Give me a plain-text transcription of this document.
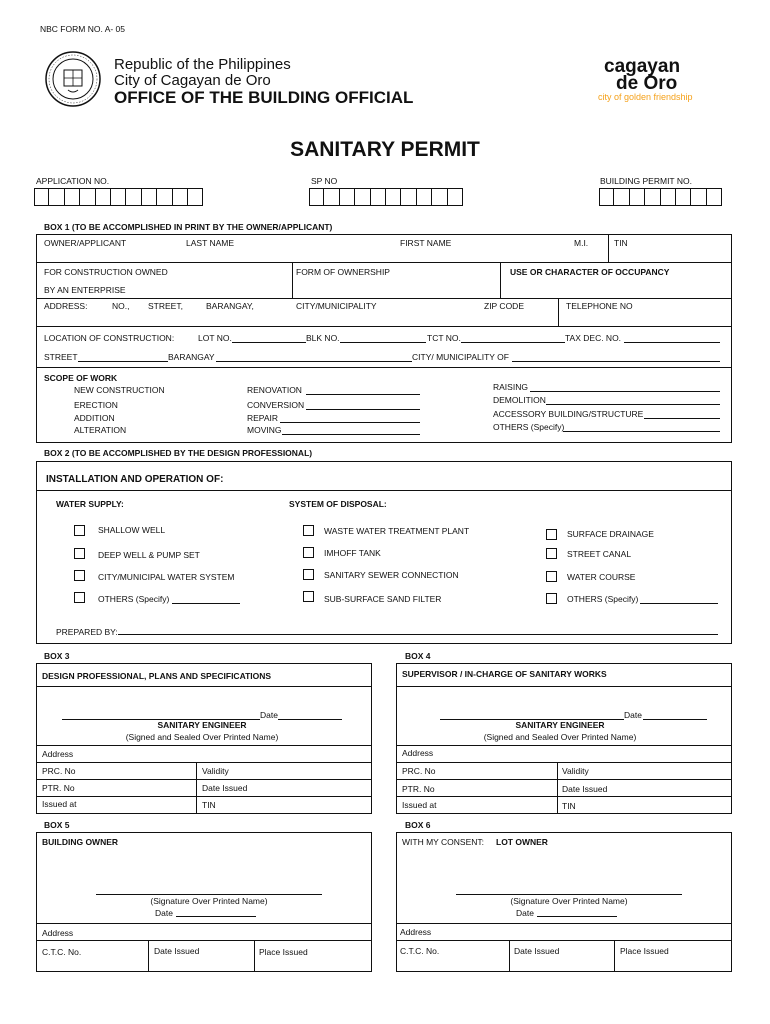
NBC FORM NO. A- 05
Republic of the Philippines
City of Cagayan de Oro
OFFICE OF THE BUILDING OFFICIAL
cagayan
de Oro
city of golden friendship
SANITARY PERMIT
APPLICATION NO.	SP NO	BUILDING PERMIT NO.
BOX 1 (TO BE ACCOMPLISHED IN PRINT BY THE OWNER/APPLICANT)
OWNER/APPLICANT	LAST NAME	FIRST NAME	M.I.	TIN
FOR CONSTRUCTION OWNED
BY AN ENTERPRISE
FORM OF OWNERSHIP	USE OR CHARACTER OF OCCUPANCY
ADDRESS:	NO., STREET,	BARANGAY,	CITY/MUNICIPALITY	ZIP CODE	TELEPHONE NO
LOCATION OF CONSTRUCTION:	LOT NO.	BLK NO.	TCT NO.	TAX DEC. NO.
STREET	BARANGAY	CITY/ MUNICIPALITY OF
SCOPE OF WORK
NEW CONSTRUCTION
ERECTION
ADDITION
ALTERATION
RENOVATION
CONVERSION
REPAIR
MOVING
RAISING
DEMOLITION
ACCESSORY BUILDING/STRUCTURE
OTHERS (Specify)
BOX 2 (TO BE ACCOMPLISHED BY THE DESIGN PROFESSIONAL)
INSTALLATION AND OPERATION OF:
WATER SUPPLY:	SYSTEM OF DISPOSAL:
SHALLOW WELL
DEEP WELL & PUMP SET
CITY/MUNICIPAL WATER SYSTEM
OTHERS (Specify)
WASTE WATER TREATMENT PLANT
IMHOFF TANK
SANITARY SEWER CONNECTION
SUB-SURFACE SAND FILTER
SURFACE DRAINAGE
STREET CANAL
WATER COURSE
OTHERS (Specify)
PREPARED BY:
BOX 3
DESIGN PROFESSIONAL, PLANS AND SPECIFICATIONS
Date
SANITARY ENGINEER
(Signed and Sealed Over Printed Name)
Address
PRC. No	Validity
PTR. No	Date Issued
Issued at	TIN
BOX 4
SUPERVISOR / IN-CHARGE OF SANITARY WORKS
Date
SANITARY ENGINEER
(Signed and Sealed Over Printed Name)
Address
PRC. No	Validity
PTR. No	Date Issued
Issued at	TIN
BOX 5
BUILDING OWNER
(Signature Over Printed Name)
Date
Address
C.T.C. No.	Date Issued	Place Issued
BOX 6
WITH MY CONSENT: LOT OWNER
(Signature Over Printed Name)
Date
Address
C.T.C. No.	Date Issued	Place Issued
